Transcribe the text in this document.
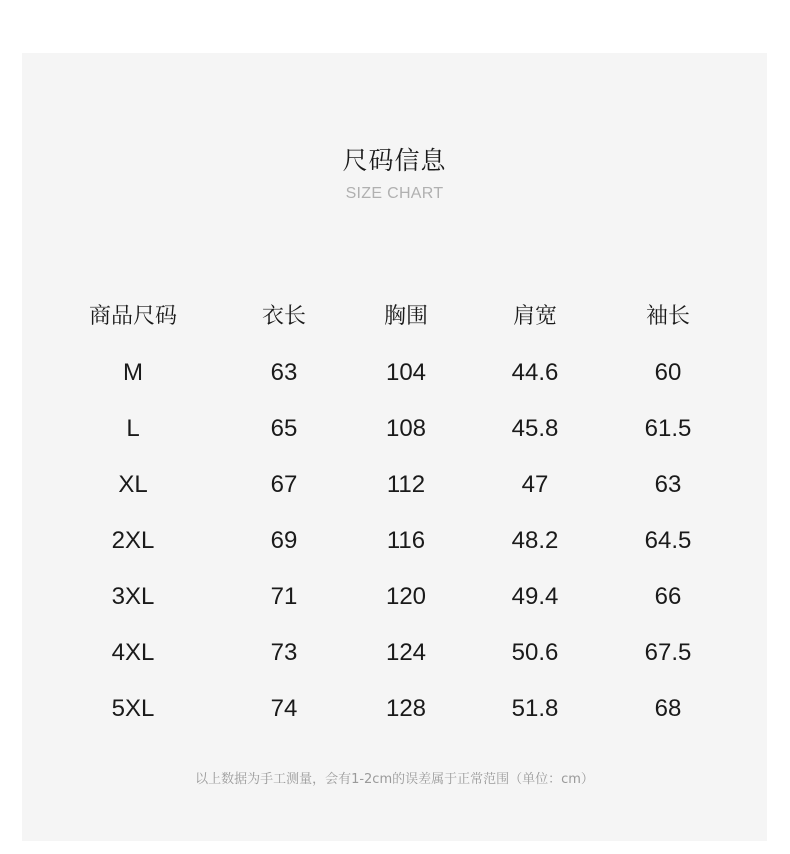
尺码信息
SIZE CHART
商品尺码	衣长	胸围	肩宽	袖长
M	63	104	44.6	60
L	65	108	45.8	61.5
XL	67	112	47	63
2XL	69	116	48.2	64.5
3XL	71	120	49.4	66
4XL	73	124	50.6	67.5
5XL	74	128	51.8	68
以上数据为手工测量，会有1-2cm的误差属于正常范围（单位：cm）
